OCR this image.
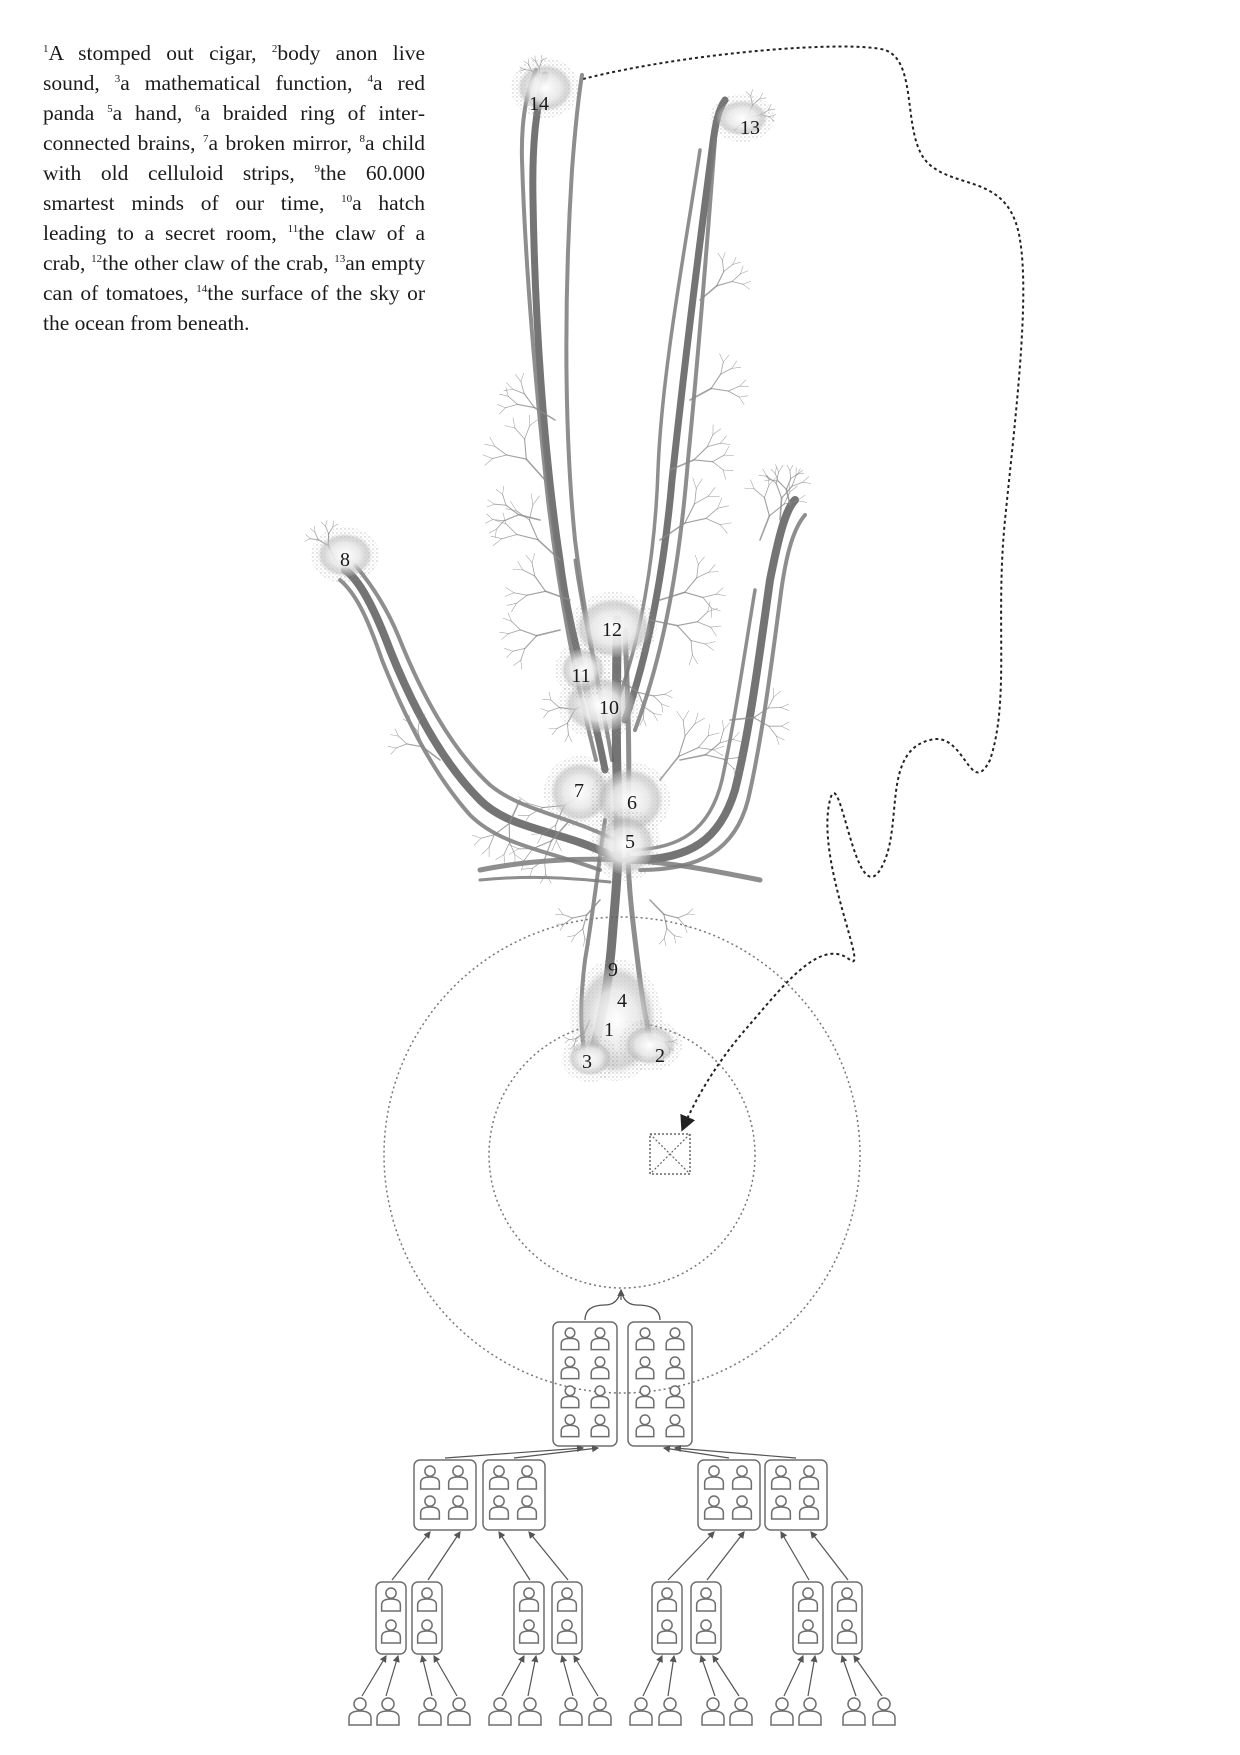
$^1$A stomped out cigar, $^2$body anon live sound, $^3$a mathematical function, $^4$a red panda $^5$a hand, $^6$a braided ring of interconnected brains, $^7$a broken mirror, $^8$a child with old celluloid strips, $^9$the 60.000 smartest minds of our time, $^{10}$a hatch leading to a secret room, $^{11}$the claw of a crab, $^{12}$the other claw of the crab, $^{13}$an empty can of tomatoes, $^{14}$the surface of the sky or the ocean from beneath.
1
2
3
4
5
6
7
8
9
10
11
12
13
14
